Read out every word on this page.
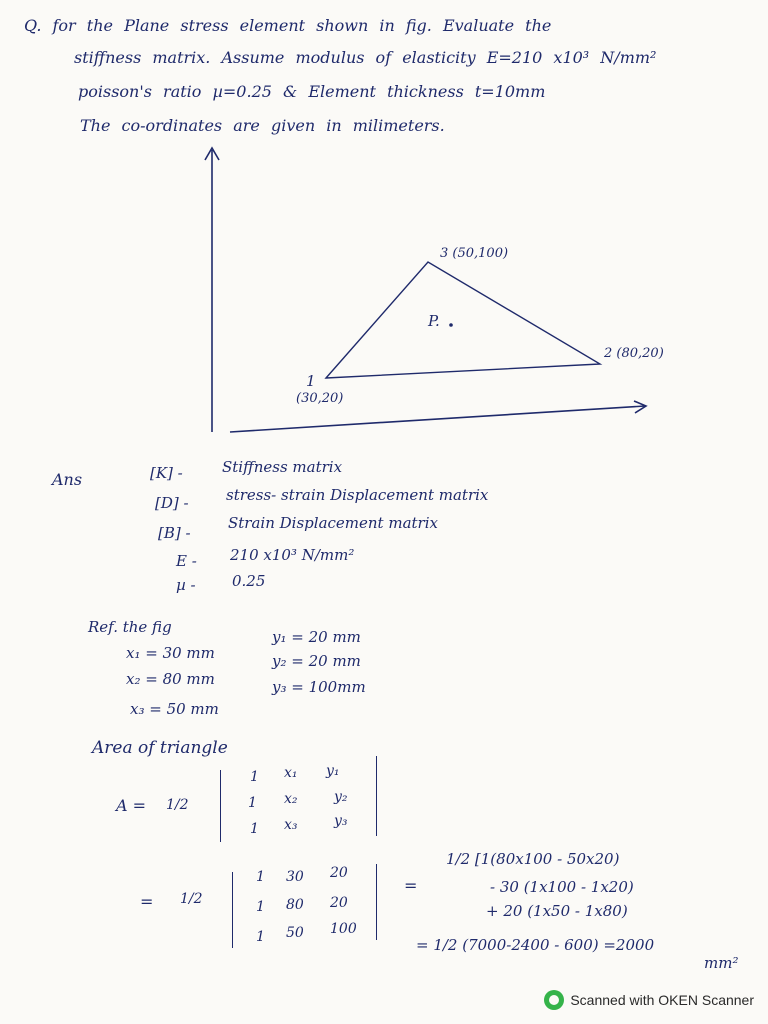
Q. for the Plane stress element shown in fig. Evaluate the
stiffness matrix. Assume modulus of elasticity E=210 x10³ N/mm²
poisson's ratio µ=0.25 & Element thickness t=10mm
The co-ordinates are given in milimeters.
1
(30,20)
2 (80,20)
3 (50,100)
P.
Ans	[K] -	Stiffness matrix
[D] - stress- strain Displacement matrix
[B] -
Strain Displacement matrix
E - 210 x10³ N/mm²
µ - 0.25
Ref. the fig
x₁ = 30 mm
y₁ = 20 mm
x₂ = 80 mm
y₂ = 20 mm
x₃ = 50 mm
y₃ = 100mm
Area of triangle
A = 1/2
1 x₁ y₁
1 x₂	y₂
1 x₃	y₃
= 1/2
1 30 20
1 80 20
1 50 100
=
1/2 [1(80x100 - 50x20)
- 30 (1x100 - 1x20)
+ 20 (1x50 - 1x80)
= 1/2 (7000-2400 - 600) =2000
mm²
Scanned with OKEN Scanner
